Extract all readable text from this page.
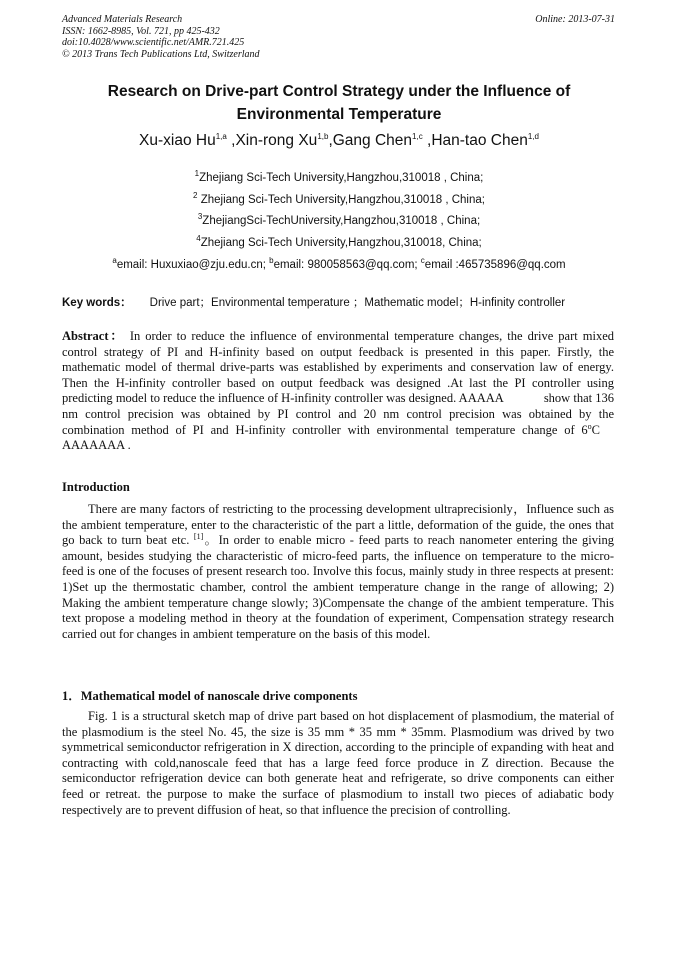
Advanced Materials Research
ISSN: 1662-8985, Vol. 721, pp 425-432
doi:10.4028/www.scientific.net/AMR.721.425
© 2013 Trans Tech Publications Ltd, Switzerland
Online: 2013-07-31
Research on Drive-part Control Strategy under the Influence of
Environmental Temperature
Xu-xiao Hu$^{1,a}$ ,Xin-rong Xu$^{1,b}$,Gang Chen$^{1,c}$ ,Han-tao Chen$^{1,d}$
$^1$Zhejiang Sci-Tech University,Hangzhou,310018 , China;
$^2$ Zhejiang Sci-Tech University,Hangzhou,310018 , China;
$^3$ZhejiangSci-TechUniversity,Hangzhou,310018 , China;
$^4$Zhejiang Sci-Tech University,Hangzhou,310018, China;
$^a$email: Huxuxiao@zju.edu.cn; $^b$email: 980058563@qq.com; $^c$email :465735896@qq.com
Key words： Drive part；Environmental temperature ；Mathematic model；H-infinity controller
Abstract： In order to reduce the influence of environmental temperature changes, the drive part mixed control strategy of PI and H-infinity based on output feedback is presented in this paper. Firstly, the mathematic model of thermal drive-parts was established by experiments and conservation law of energy. Then the H-infinity controller based on output feedback was designed .At last the PI controller using predicting model to reduce the influence of H-infinity controller was designed. AAAAA	show that 136 nm control precision was obtained by PI control and 20 nm control precision was obtained by the combination method of PI and H-infinity controller with environmental temperature change of 6$^o$CAAAAAAA .
Introduction
There are many factors of restricting to the processing development ultraprecisionly，Influence such as the ambient temperature, enter to the characteristic of the part a little, deformation of the guide, the ones that go back to turn beat etc. [1]。In order to enable micro - feed parts to reach nanometer entering the giving amount, besides studying the characteristic of micro-feed parts, the influence on temperature to the micro-feed is one of the focuses of present research too. Involve this focus, mainly study in three respects at present: 1)Set up the thermostatic chamber, control the ambient temperature change in the range of allowing; 2) Making the ambient temperature change slowly; 3)Compensate the change of the ambient temperature. This text propose a modeling method in theory at the foundation of experiment, Compensation strategy research carried out for changes in ambient temperature on the basis of this model.
1．Mathematical model of nanoscale drive components
Fig. 1 is a structural sketch map of drive part based on hot displacement of plasmodium, the material of the plasmodium is the steel No. 45, the size is 35 mm * 35 mm * 35mm. Plasmodium was drived by two symmetrical semiconductor refrigeration in X direction, according to the principle of expanding with heat and contracting with cold,nanoscale feed that has a large feed force produce in Z direction. Because the semiconductor refrigeration device can both generate heat and refrigerate, so drive components can either feed or retreat. the purpose to make the surface of plasmodium to install two pieces of adiabatic body respectively are to prevent diffusion of heat, so that influence the precision of controlling.
